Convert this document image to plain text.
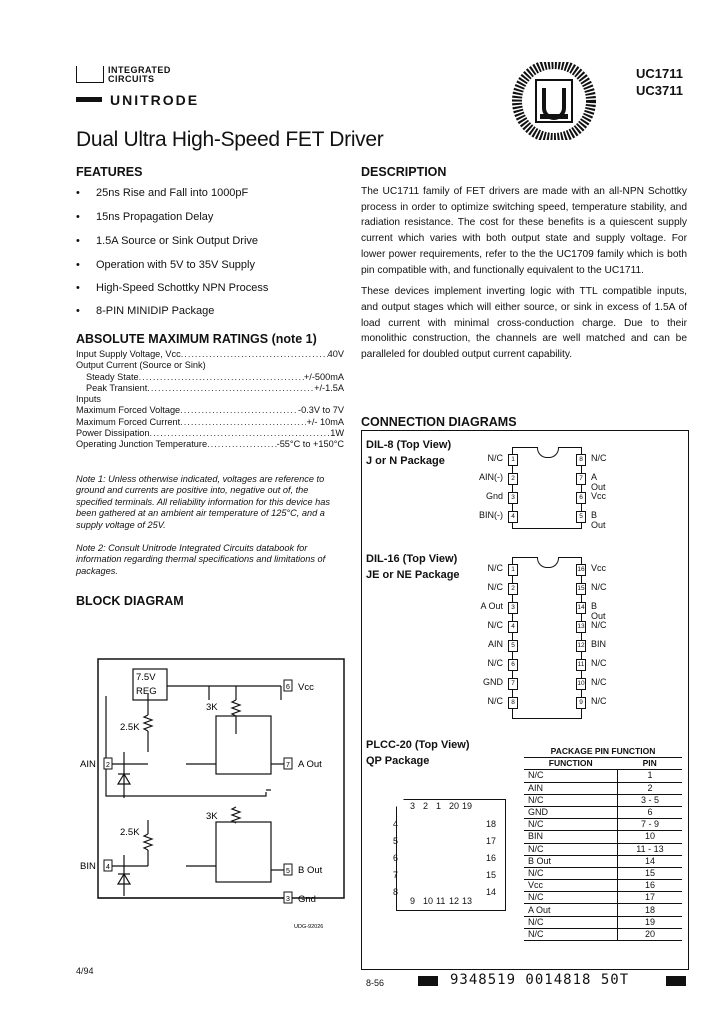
INTEGRATED
CIRCUITS
UNITRODE
UC1711
UC3711
Dual Ultra High-Speed FET Driver
FEATURES
• 25ns Rise and Fall into 1000pF
• 15ns Propagation Delay
• 1.5A Source or Sink Output Drive
• Operation with 5V to 35V Supply
• High-Speed Schottky NPN Process
• 8-PIN MINIDIP Package
ABSOLUTE MAXIMUM RATINGS (note 1)
Input Supply Voltage, Vcc .....	40V
Output Current (Source or Sink)
Steady State .....	+/-500mA
Peak Transient .....	+/-1.5A
Inputs
Maximum Forced Voltage .....	-0.3V to 7V
Maximum Forced Current .....	+/- 10mA
Power Dissipation .....	1W
Operating Junction Temperature .....	-55°C to +150°C
Note 1: Unless otherwise indicated, voltages are reference to ground and currents are positive into, negative out of, the specified terminals. All reliability information for this device has been gathered at an ambient air temperature of 125°C, and a supply voltage of 25V.
Note 2: Consult Unitrode Integrated Circuits databook for information regarding thermal specifications and limitations of packages.
BLOCK DIAGRAM
7.5V
REG
2.5K
2.5K
3K
3K
6 Vcc
2
AIN	7 A Out
4
BIN	5 B Out
3 Gnd
UDG-92026
DESCRIPTION

The UC1711 family of FET drivers are made with an all-NPN Schottky process in order to optimize switching speed, temperature stability, and radiation resistance. The cost for these benefits is a quiescent supply current which varies with both output state and supply voltage. For lower power requirements, refer to the the UC1709 family which is both pin compatible with, and functionally equivalent to the UC1711.

These devices implement inverting logic with TTL compatible inputs, and output stages which will either source, or sink in excess of 1.5A of load current with minimal cross-conduction charge. Due to their monolithic construction, the channels are well matched and can be paralleled for doubled output current capability.

CONNECTION DIAGRAMS
DIL-8 (Top View)
J or N Package	N/C	1
AIN(-)	2
Gnd	3
BIN(-)	4
8 N/C
7 A Out
6 Vcc
5 B Out
DIL-16 (Top View)
JE or NE Package
N/C	1
N/C	2
A Out	3
N/C	4
AIN	5
N/C	6
GND	7
N/C	8
16 Vcc
15 N/C
14 B Out
13 N/C
12 BIN
11 N/C
10 N/C
9 N/C
PLCC-20 (Top View)
QP Package
3 2 1 20 19
4
5
6
7
8
18
17
16
15
14
9 10 11 12 13
PACKAGE PIN FUNCTION	
FUNCTION	PIN
N/C	1
AIN	2
N/C	3 - 5
GND	6
N/C	7 - 9
BIN	10
N/C	11 - 13
B Out	14
N/C	15
Vcc	16
N/C	17
A Out	18
N/C	19
N/C	20
4/94
8-56	9348519 0014818 50T
